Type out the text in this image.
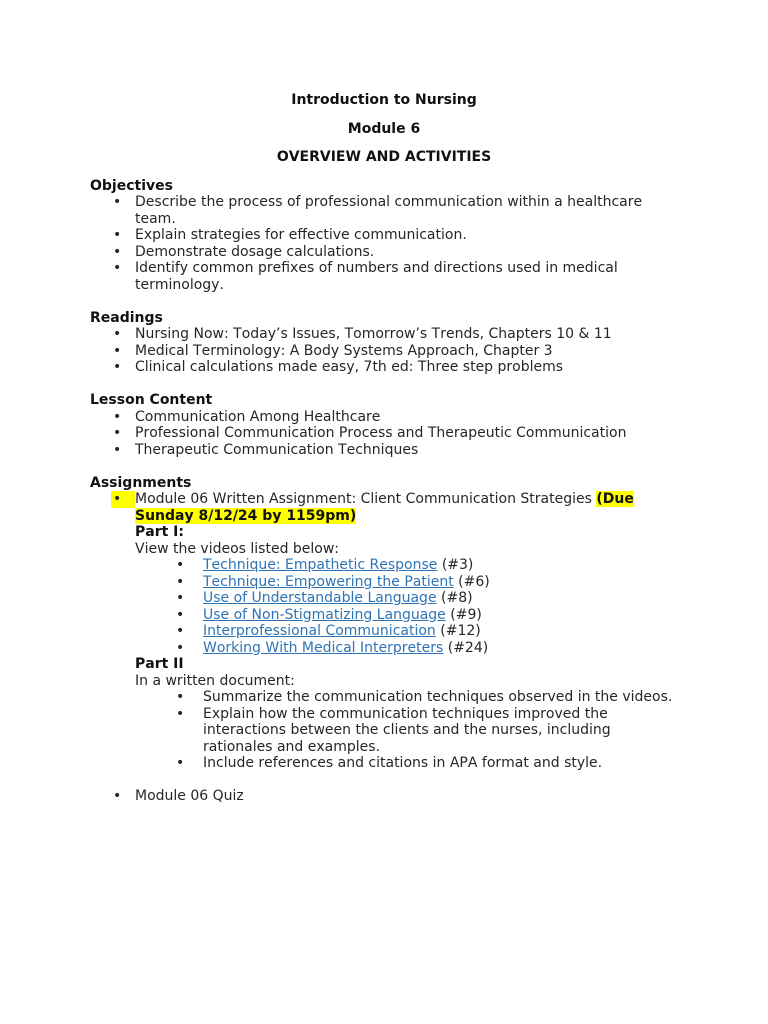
Introduction to Nursing

Module 6

OVERVIEW AND ACTIVITIES

Objectives
• Describe the process of professional communication within a healthcare team.
• Explain strategies for effective communication.
• Demonstrate dosage calculations.
• Identify common prefixes of numbers and directions used in medical terminology.
Readings
• Nursing Now: Today’s Issues, Tomorrow’s Trends, Chapters 10 & 11
• Medical Terminology: A Body Systems Approach, Chapter 3
• Clinical calculations made easy, 7th ed: Three step problems
Lesson Content
• Communication Among Healthcare
• Professional Communication Process and Therapeutic Communication
• Therapeutic Communication Techniques
Assignments
• Module 06 Written Assignment: Client Communication Strategies (Due Sunday 8/12/24 by 1159pm)
Part I:
View the videos listed below:
• Technique: Empathetic Response (#3)
• Technique: Empowering the Patient (#6)
• Use of Understandable Language (#8)
• Use of Non-Stigmatizing Language (#9)
• Interprofessional Communication (#12)
• Working With Medical Interpreters (#24)
Part II
In a written document:
• Summarize the communication techniques observed in the videos.
• Explain how the communication techniques improved the interactions between the clients and the nurses, including rationales and examples.
• Include references and citations in APA format and style.
• Module 06 Quiz
